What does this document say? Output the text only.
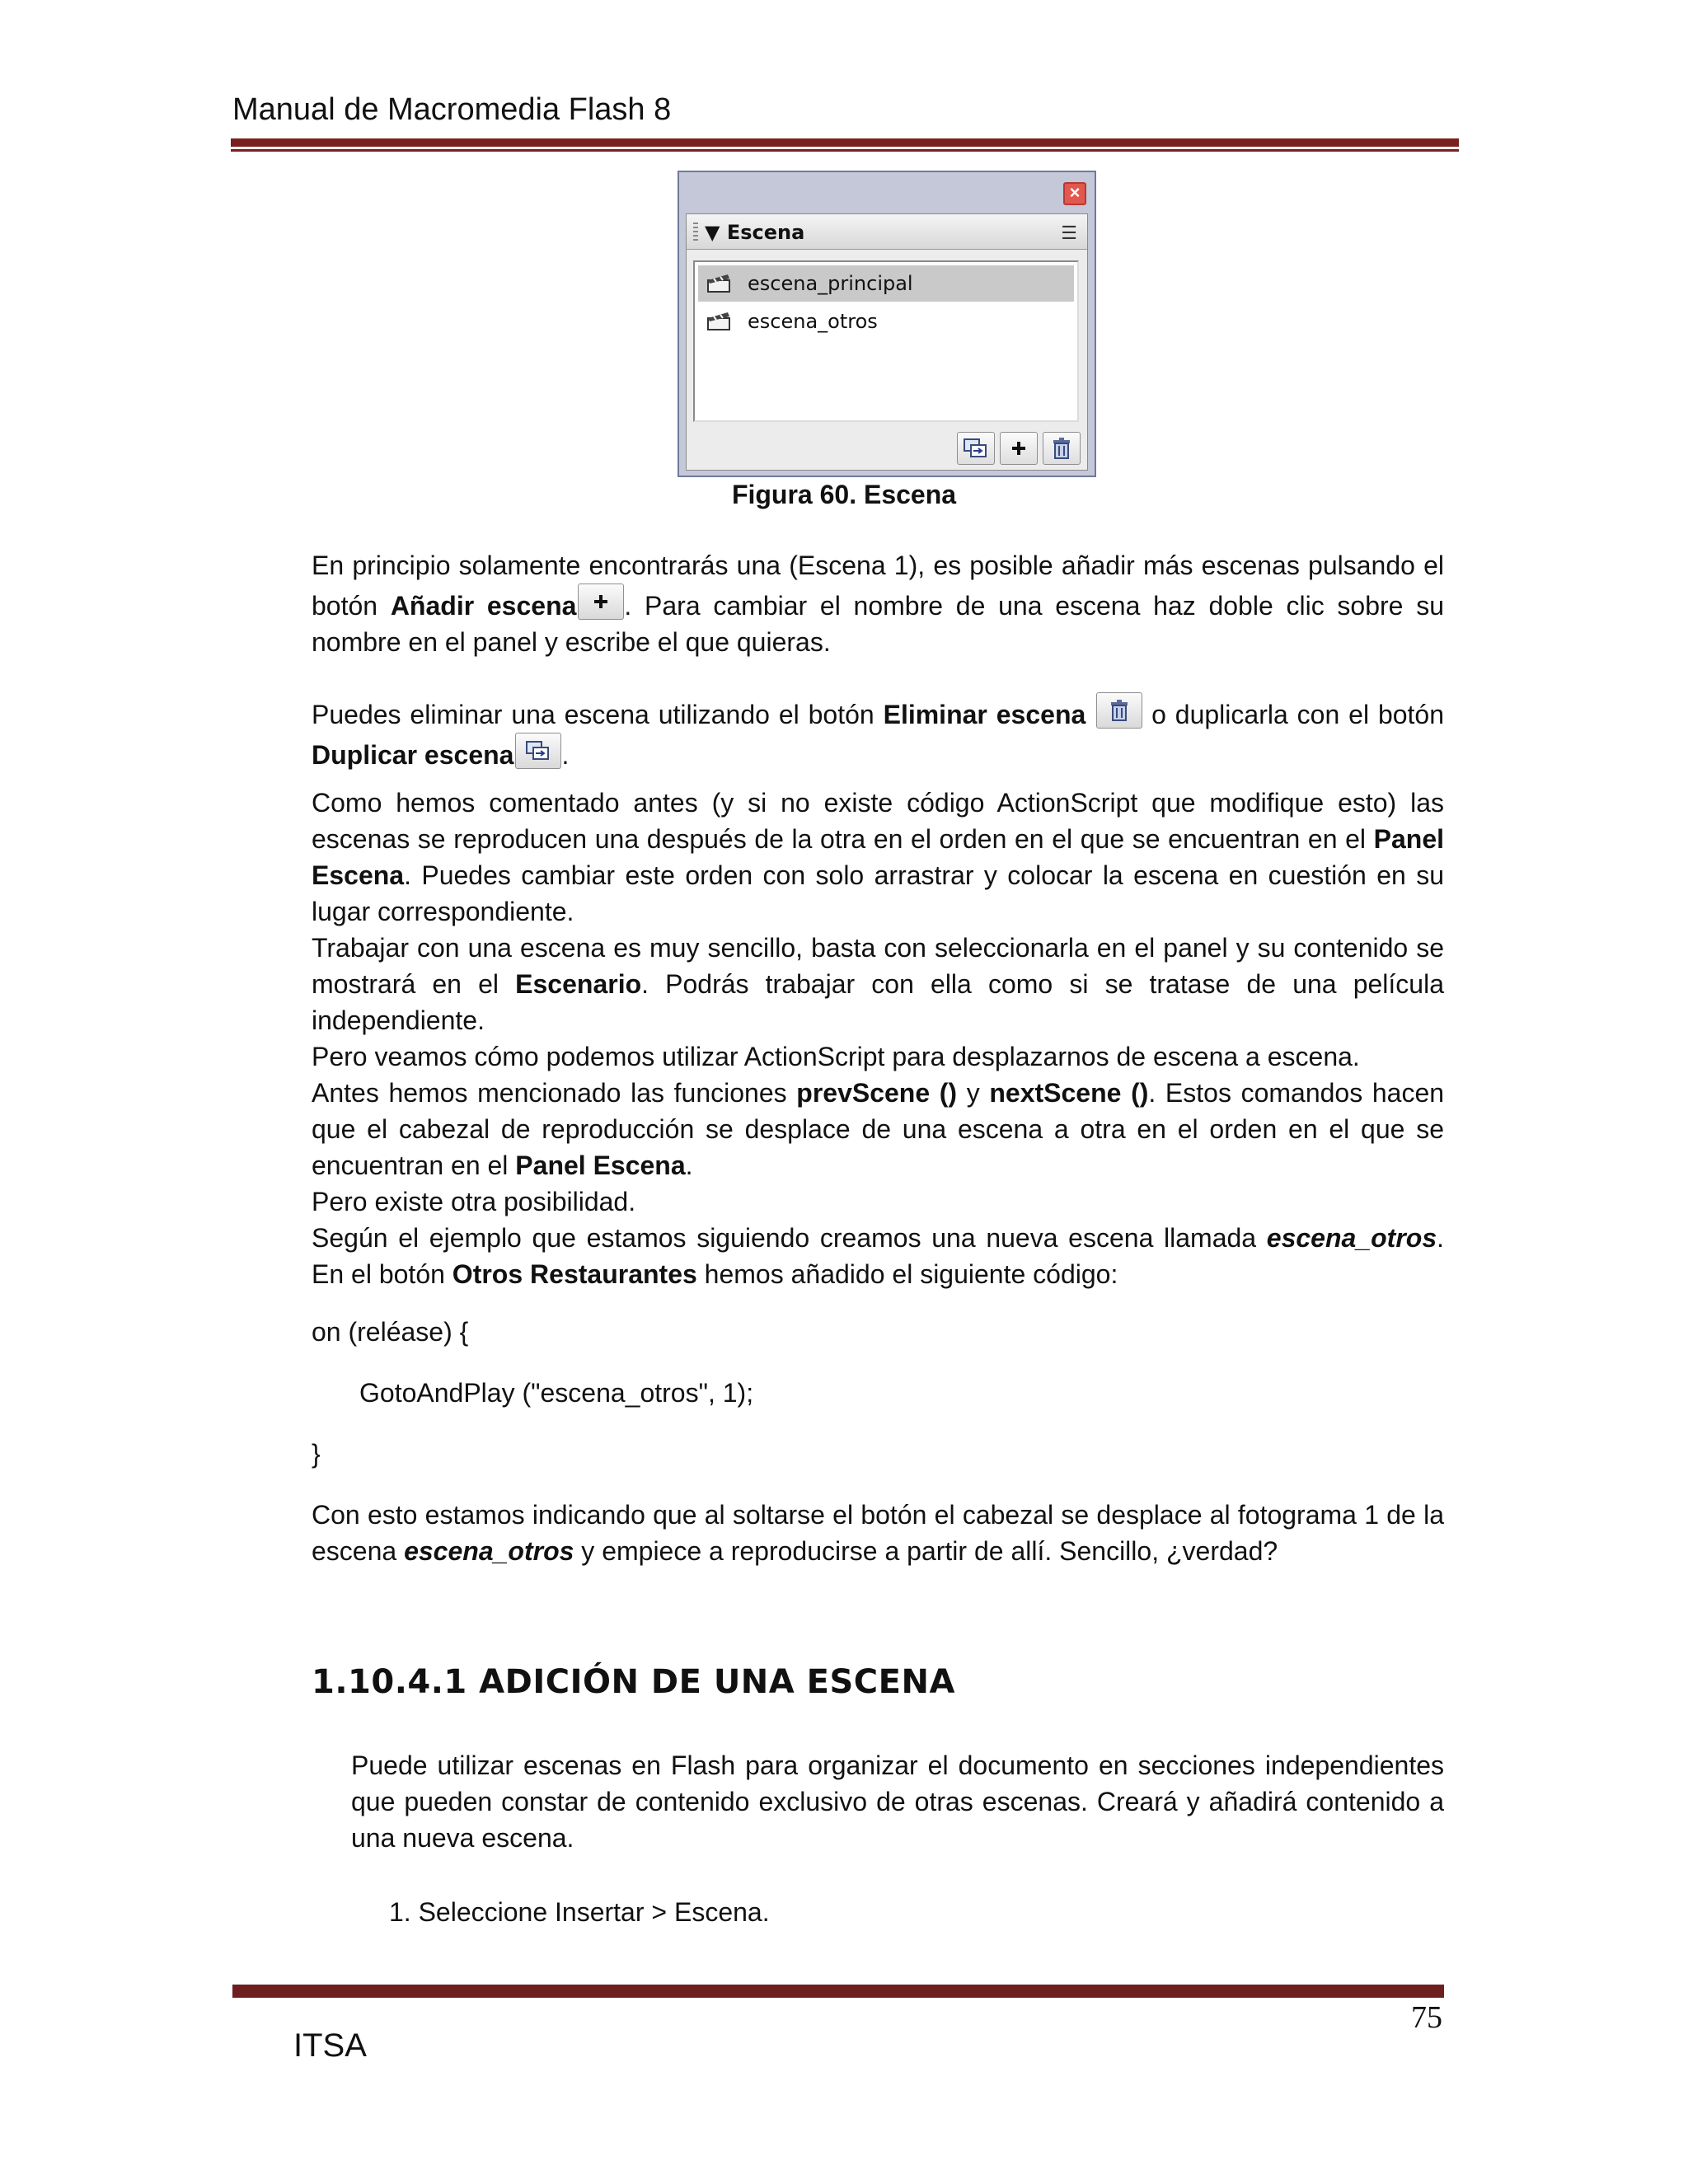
Manual de Macromedia Flash 8
×
▼ Escena	☰
escena_principal
escena_otros
Figura 60. Escena

En principio solamente encontrarás una (Escena 1), es posible añadir más escenas pulsando el botón Añadir escena . Para cambiar el nombre de una escena haz doble clic sobre su nombre en el panel y escribe el que quieras.

Puedes eliminar una escena utilizando el botón Eliminar escena
o duplicarla con el botón Duplicar escena .

Como hemos comentado antes (y si no existe código ActionScript que modifique esto) las escenas se reproducen una después de la otra en el orden en el que se encuentran en el Panel Escena. Puedes cambiar este orden con solo arrastrar y colocar la escena en cuestión en su lugar correspondiente.

Trabajar con una escena es muy sencillo, basta con seleccionarla en el panel y su contenido se mostrará en el Escenario. Podrás trabajar con ella como si se tratase de una película independiente.

Pero veamos cómo podemos utilizar ActionScript para desplazarnos de escena a escena.

Antes hemos mencionado las funciones prevScene () y nextScene (). Estos comandos hacen que el cabezal de reproducción se desplace de una escena a otra en el orden en el que se encuentran en el Panel Escena.

Pero existe otra posibilidad.

Según el ejemplo que estamos siguiendo creamos una nueva escena llamada escena_otros. En el botón Otros Restaurantes hemos añadido el siguiente código:

on (reléase) {
GotoAndPlay ("escena_otros", 1);
}

Con esto estamos indicando que al soltarse el botón el cabezal se desplace al fotograma 1 de la escena escena_otros y empiece a reproducirse a partir de allí. Sencillo, ¿verdad?

1.10.4.1 ADICIÓN DE UNA ESCENA

Puede utilizar escenas en Flash para organizar el documento en secciones independientes que pueden constar de contenido exclusivo de otras escenas. Creará y añadirá contenido a una nueva escena.

1. Seleccione Insertar > Escena.
75
ITSA
